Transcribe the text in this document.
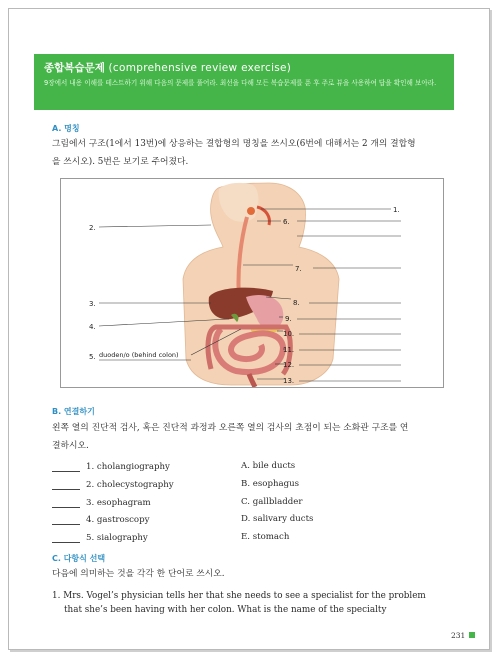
종합복습문제 (comprehensive review exercise)
9장에서 내용 이해를 테스트하기 위해 다음의 문제를 풀어라. 최선을 다해 모든 복습문제를 푼 후 주로 뷰을 사용하여 답을 확인해 보아라.
A. 명칭
그림에서 구조(1에서 13번)에 상응하는 결합형의 명칭을 쓰시오(6번에 대해서는 2 개의 결합형
을 쓰시오). 5번은 보기로 주어졌다.
1.
2.
3.
4.
5. duoden/o (behind colon)
6.
7.
8.
9.
10.
11.
12.
13.
B. 연결하기
왼쪽 열의 진단적 검사, 혹은 진단적 과정과 오른쪽 열의 검사의 초점이 되는 소화관 구조를 연
결하시오.
1. cholangiography
2. cholecystography
3. esophagram
4. gastroscopy
5. sialography
A. bile ducts
B. esophagus
C. gallbladder
D. salivary ducts
E. stomach
C. 다항식 선택
다음에 의미하는 것을 각각 한 단어로 쓰시오.
1. Mrs. Vogel’s physician tells her that she needs to see a specialist for the problem
that she’s been having with her colon. What is the name of the specialty
231
